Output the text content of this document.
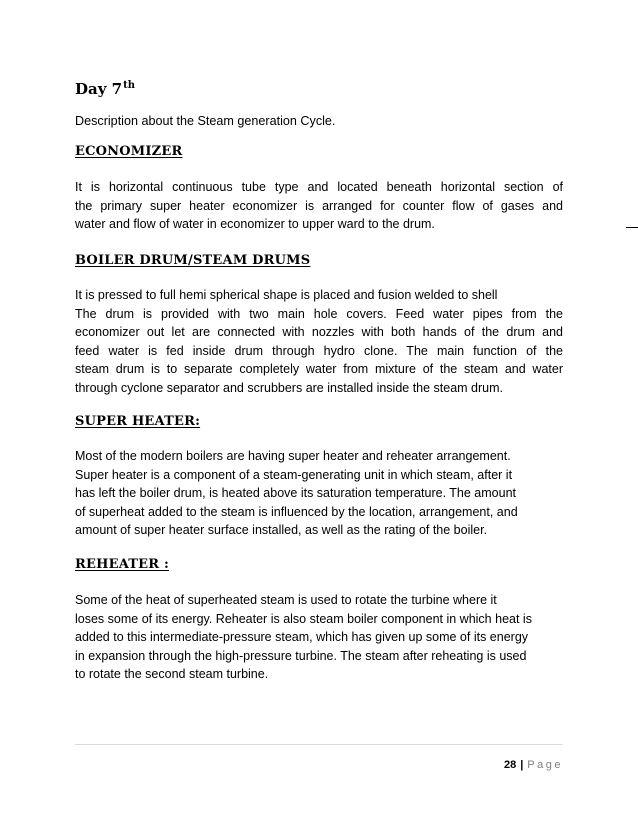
Day 7th
Description about the Steam generation Cycle.
ECONOMIZER
It is horizontal continuous tube type and located beneath horizontal section of
the primary super heater economizer is arranged for counter flow of gases and
water and flow of water in economizer to upper ward to the drum.
BOILER DRUM/STEAM DRUMS
It is pressed to full hemi spherical shape is placed and fusion welded to shell
The drum is provided with two main hole covers. Feed water pipes from the
economizer out let are connected with nozzles with both hands of the drum and
feed water is fed inside drum through hydro clone. The main function of the
steam drum is to separate completely water from mixture of the steam and water
through cyclone separator and scrubbers are installed inside the steam drum.
SUPER HEATER:
Most of the modern boilers are having super heater and reheater arrangement.
Super heater is a component of a steam-generating unit in which steam, after it
has left the boiler drum, is heated above its saturation temperature. The amount
of superheat added to the steam is influenced by the location, arrangement, and
amount of super heater surface installed, as well as the rating of the boiler.
REHEATER :
Some of the heat of superheated steam is used to rotate the turbine where it
loses some of its energy. Reheater is also steam boiler component in which heat is
added to this intermediate-pressure steam, which has given up some of its energy
in expansion through the high-pressure turbine. The steam after reheating is used
to rotate the second steam turbine.
28 | Page
